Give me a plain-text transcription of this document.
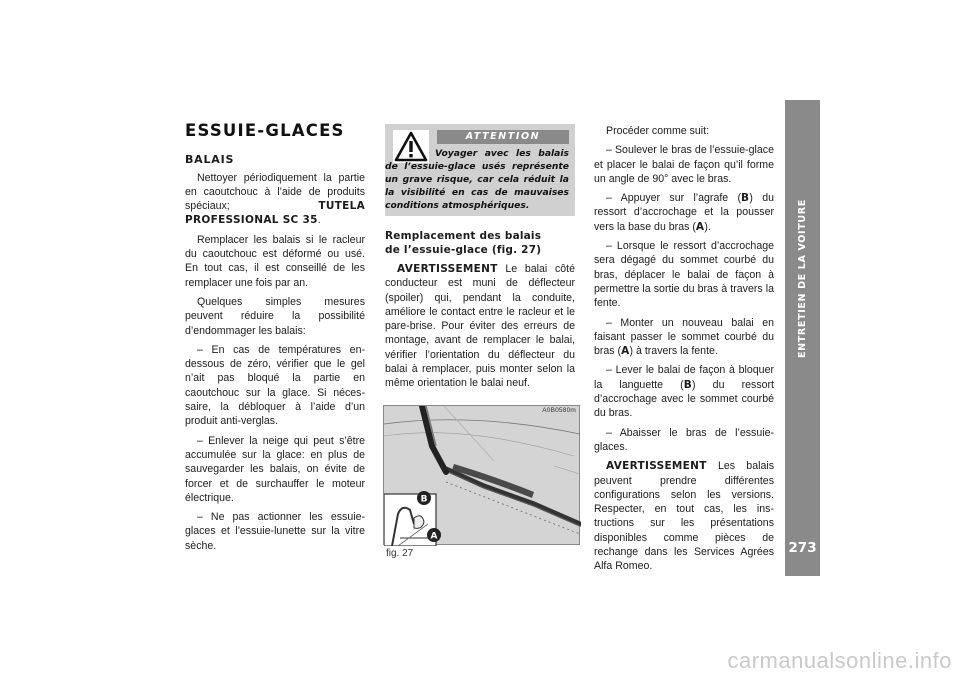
ESSUIE-GLACES
BALAIS

Nettoyer périodiquement la partie en caoutchouc à l’aide de produits spéciaux;	TUTELA PROFESSIONAL SC 35.

Remplacer les balais si le racleur du caoutchouc est déformé ou usé. En tout cas, il est conseillé de les remplacer une fois par an.

Quelques simples mesures peuvent réduire la possibilité d’endommager les balais:

– En cas de températures en-dessous de zéro, vérifier que le gel n’ait pas bloqué la partie en caoutchouc sur la glace. Si nécessaire, la débloquer à l’aide d’un produit anti-verglas.

– Enlever la neige qui peut s’être accumulée sur la glace: en plus de sauvegarder les balais, on évite de forcer et de surchauffer le moteur électrique.

– Ne pas actionner les essuie-glaces et l’essuie-lunette sur la vitre sèche.

ATTENTION
Voyager avec les balais de l’essuie-glace usés représente un grave risque, car cela réduit la la visibilité en cas de mauvaises conditions atmosphériques.
Remplacement des balais
de l’essuie-glace (fig. 27)

AVERTISSEMENT Le balai côté conducteur est muni de déflecteur (spoiler) qui, pendant la conduite, améliore le contact entre le racleur et le pare-brise. Pour éviter des erreurs de montage, avant de remplacer le balai, vérifier l’orientation du déflecteur du balai à remplacer, puis monter selon la même orientation le balai neuf.

A0B0580m
B
A
fig. 27

Procéder comme suit:

– Soulever le bras de l’essuie-glace et placer le balai de façon qu’il forme un angle de 90° avec le bras.

– Appuyer sur l’agrafe (B) du ressort d’accrochage et la pousser vers la base du bras (A).

– Lorsque le ressort d’accrochage sera dégagé du sommet courbé du bras, déplacer le balai de façon à permettre la sortie du bras à travers la fente.

– Monter un nouveau balai en faisant passer le sommet courbé du bras (A) à travers la fente.

– Lever le balai de façon à bloquer la languette (B) du ressort d’accrochage avec le sommet courbé du bras.

– Abaisser le bras de l’essuie-glaces.

AVERTISSEMENT Les balais peuvent prendre différentes configurations selon les versions. Respecter, en tout cas, les instructions sur les présentations disponibles comme pièces de rechange dans les Services Agrées Alfa Romeo.

ENTRETIEN DE LA VOITURE
273
carmanualsonline.info
